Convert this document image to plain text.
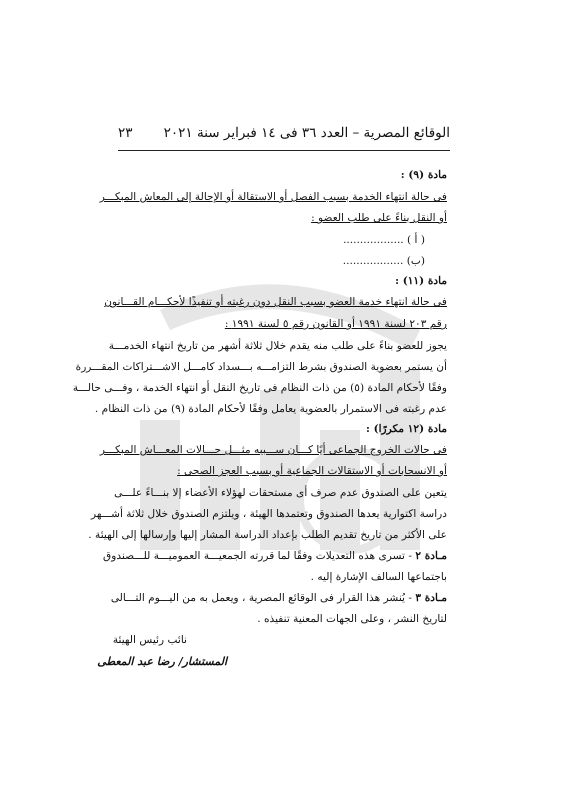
الوقائع المصرية – العدد ٣٦ فى ١٤ فبراير سنة ٢٠٢١
٢٣
مادة (٩) :
فى حالة انتهاء الخدمة بسبب الفصل أو الاستقالة أو الإحالة إلى المعاش المبكـــر
أو النقل بناءً على طلب العضو :
( أ ) ..................
(ب) ..................
مادة (١١) :
فى حالة انتهاء خدمة العضو بسبب النقل دون رغبته أو تنفيذًا لأحكـــام القـــانون
رقم ٢٠٣ لسنة ١٩٩١ أو القانون رقم ٥ لسنة ١٩٩١ :
يجوز للعضو بناءً على طلب منه يقدم خلال ثلاثة أشهر من تاريخ انتهاء الخدمـــة
أن يستمر بعضوية الصندوق بشرط التزامـــه بـــسداد كامـــل الاشـــتراكات المقـــررة
وفقًا لأحكام المادة (٥) من ذات النظام فى تاريخ النقل أو انتهاء الخدمة ، وفـــى حالـــة
عدم رغبته فى الاستمرار بالعضوية يعامل وفقًا لأحكام المادة (٩) من ذات النظام .
مادة (١٢ مكررًا) :
فى حالات الخروج الجماعى أيًا كـــان ســـببه مثـــل حـــالات المعـــاش المبكـــر
أو الانسحابات أو الاستقالات الجماعية أو بسبب العجز الصحى :
يتعين على الصندوق عدم صرف أى مستحقات لهؤلاء الأعضاء إلا بنـــاءً علـــى
دراسة اكتوارية يعدها الصندوق وتعتمدها الهيئة ، ويلتزم الصندوق خلال ثلاثة أشـــهر
على الأكثر من تاريخ تقديم الطلب بإعداد الدراسة المشار إليها وإرسالها إلى الهيئة .
مـادة ٢ - تسرى هذه التعديلات وفقًا لما قررته الجمعيـــة العموميـــة للـــصندوق
باجتماعها السالف الإشارة إليه .
مـادة ٣ - يُنشر هذا القرار فى الوقائع المصرية ، ويعمل به من اليـــوم التـــالى
لتاريخ النشر ، وعلى الجهات المعنية تنفيذه .
نائب رئيس الهيئة
المستشار/ رضا عبد المعطى
